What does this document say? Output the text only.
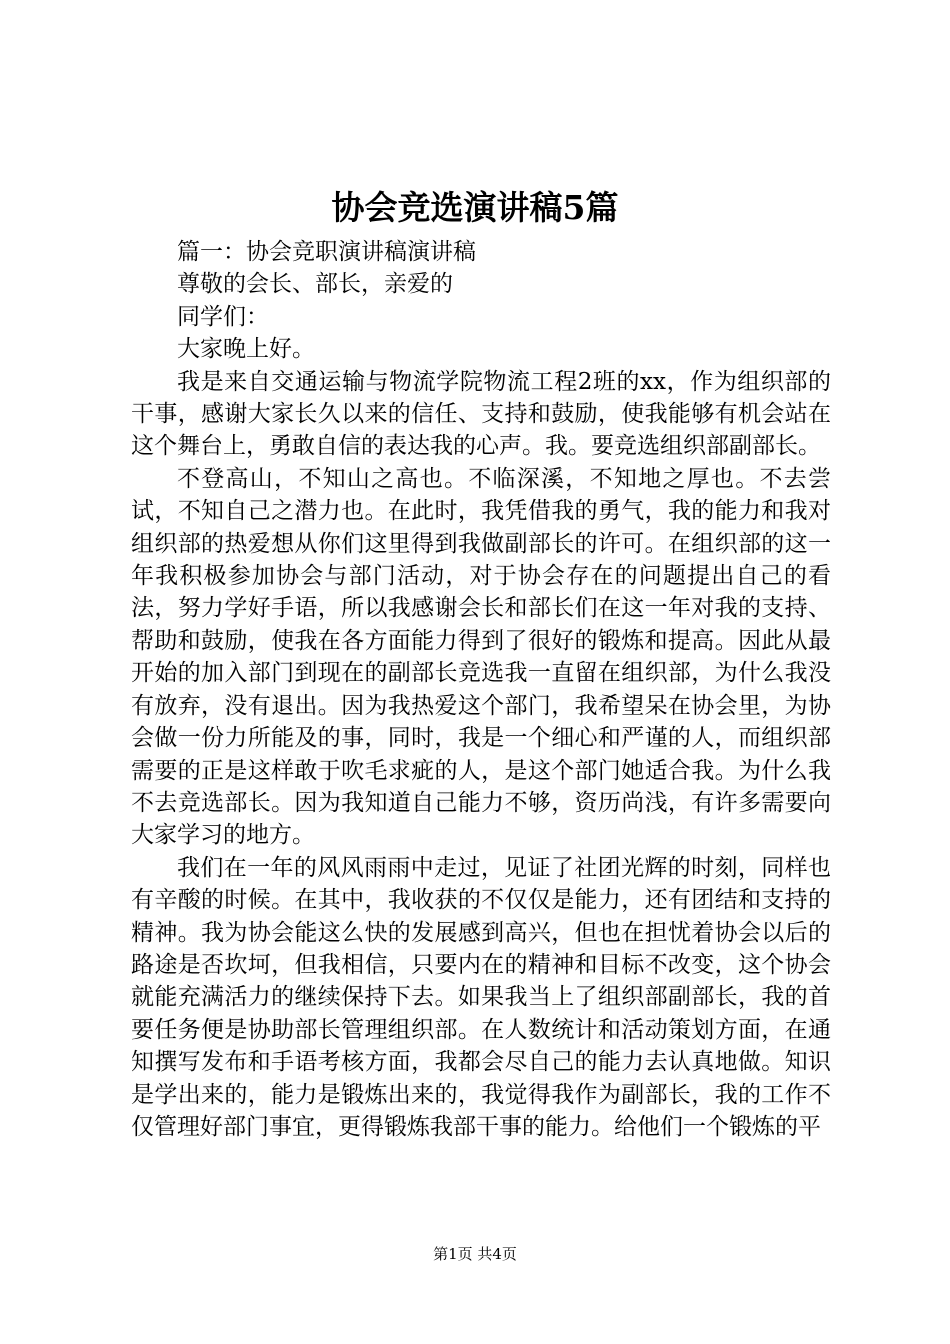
协会竞选演讲稿5篇

篇一：协会竞职演讲稿演讲稿

尊敬的会长、部长，亲爱的

同学们：

大家晚上好。

我是来自交通运输与物流学院物流工程2班的xx，作为组织部的干事，感谢大家长久以来的信任、支持和鼓励，使我能够有机会站在这个舞台上，勇敢自信的表达我的心声。我。要竞选组织部副部长。

不登高山，不知山之高也。不临深溪，不知地之厚也。不去尝试，不知自己之潜力也。在此时，我凭借我的勇气，我的能力和我对组织部的热爱想从你们这里得到我做副部长的许可。在组织部的这一年我积极参加协会与部门活动，对于协会存在的问题提出自己的看法，努力学好手语，所以我感谢会长和部长们在这一年对我的支持、帮助和鼓励，使我在各方面能力得到了很好的锻炼和提高。因此从最开始的加入部门到现在的副部长竞选我一直留在组织部，为什么我没有放弃，没有退出。因为我热爱这个部门，我希望呆在协会里，为协会做一份力所能及的事，同时，我是一个细心和严谨的人，而组织部需要的正是这样敢于吹毛求疵的人，是这个部门她适合我。为什么我不去竞选部长。因为我知道自己能力不够，资历尚浅，有许多需要向大家学习的地方。

我们在一年的风风雨雨中走过，见证了社团光辉的时刻，同样也有辛酸的时候。在其中，我收获的不仅仅是能力，还有团结和支持的精神。我为协会能这么快的发展感到高兴，但也在担忧着协会以后的路途是否坎坷，但我相信，只要内在的精神和目标不改变，这个协会就能充满活力的继续保持下去。如果我当上了组织部副部长，我的首要任务便是协助部长管理组织部。在人数统计和活动策划方面，在通知撰写发布和手语考核方面，我都会尽自己的能力去认真地做。知识是学出来的，能力是锻炼出来的，我觉得我作为副部长，我的工作不仅管理好部门事宜，更得锻炼我部干事的能力。给他们一个锻炼的平

第1页 共4页
